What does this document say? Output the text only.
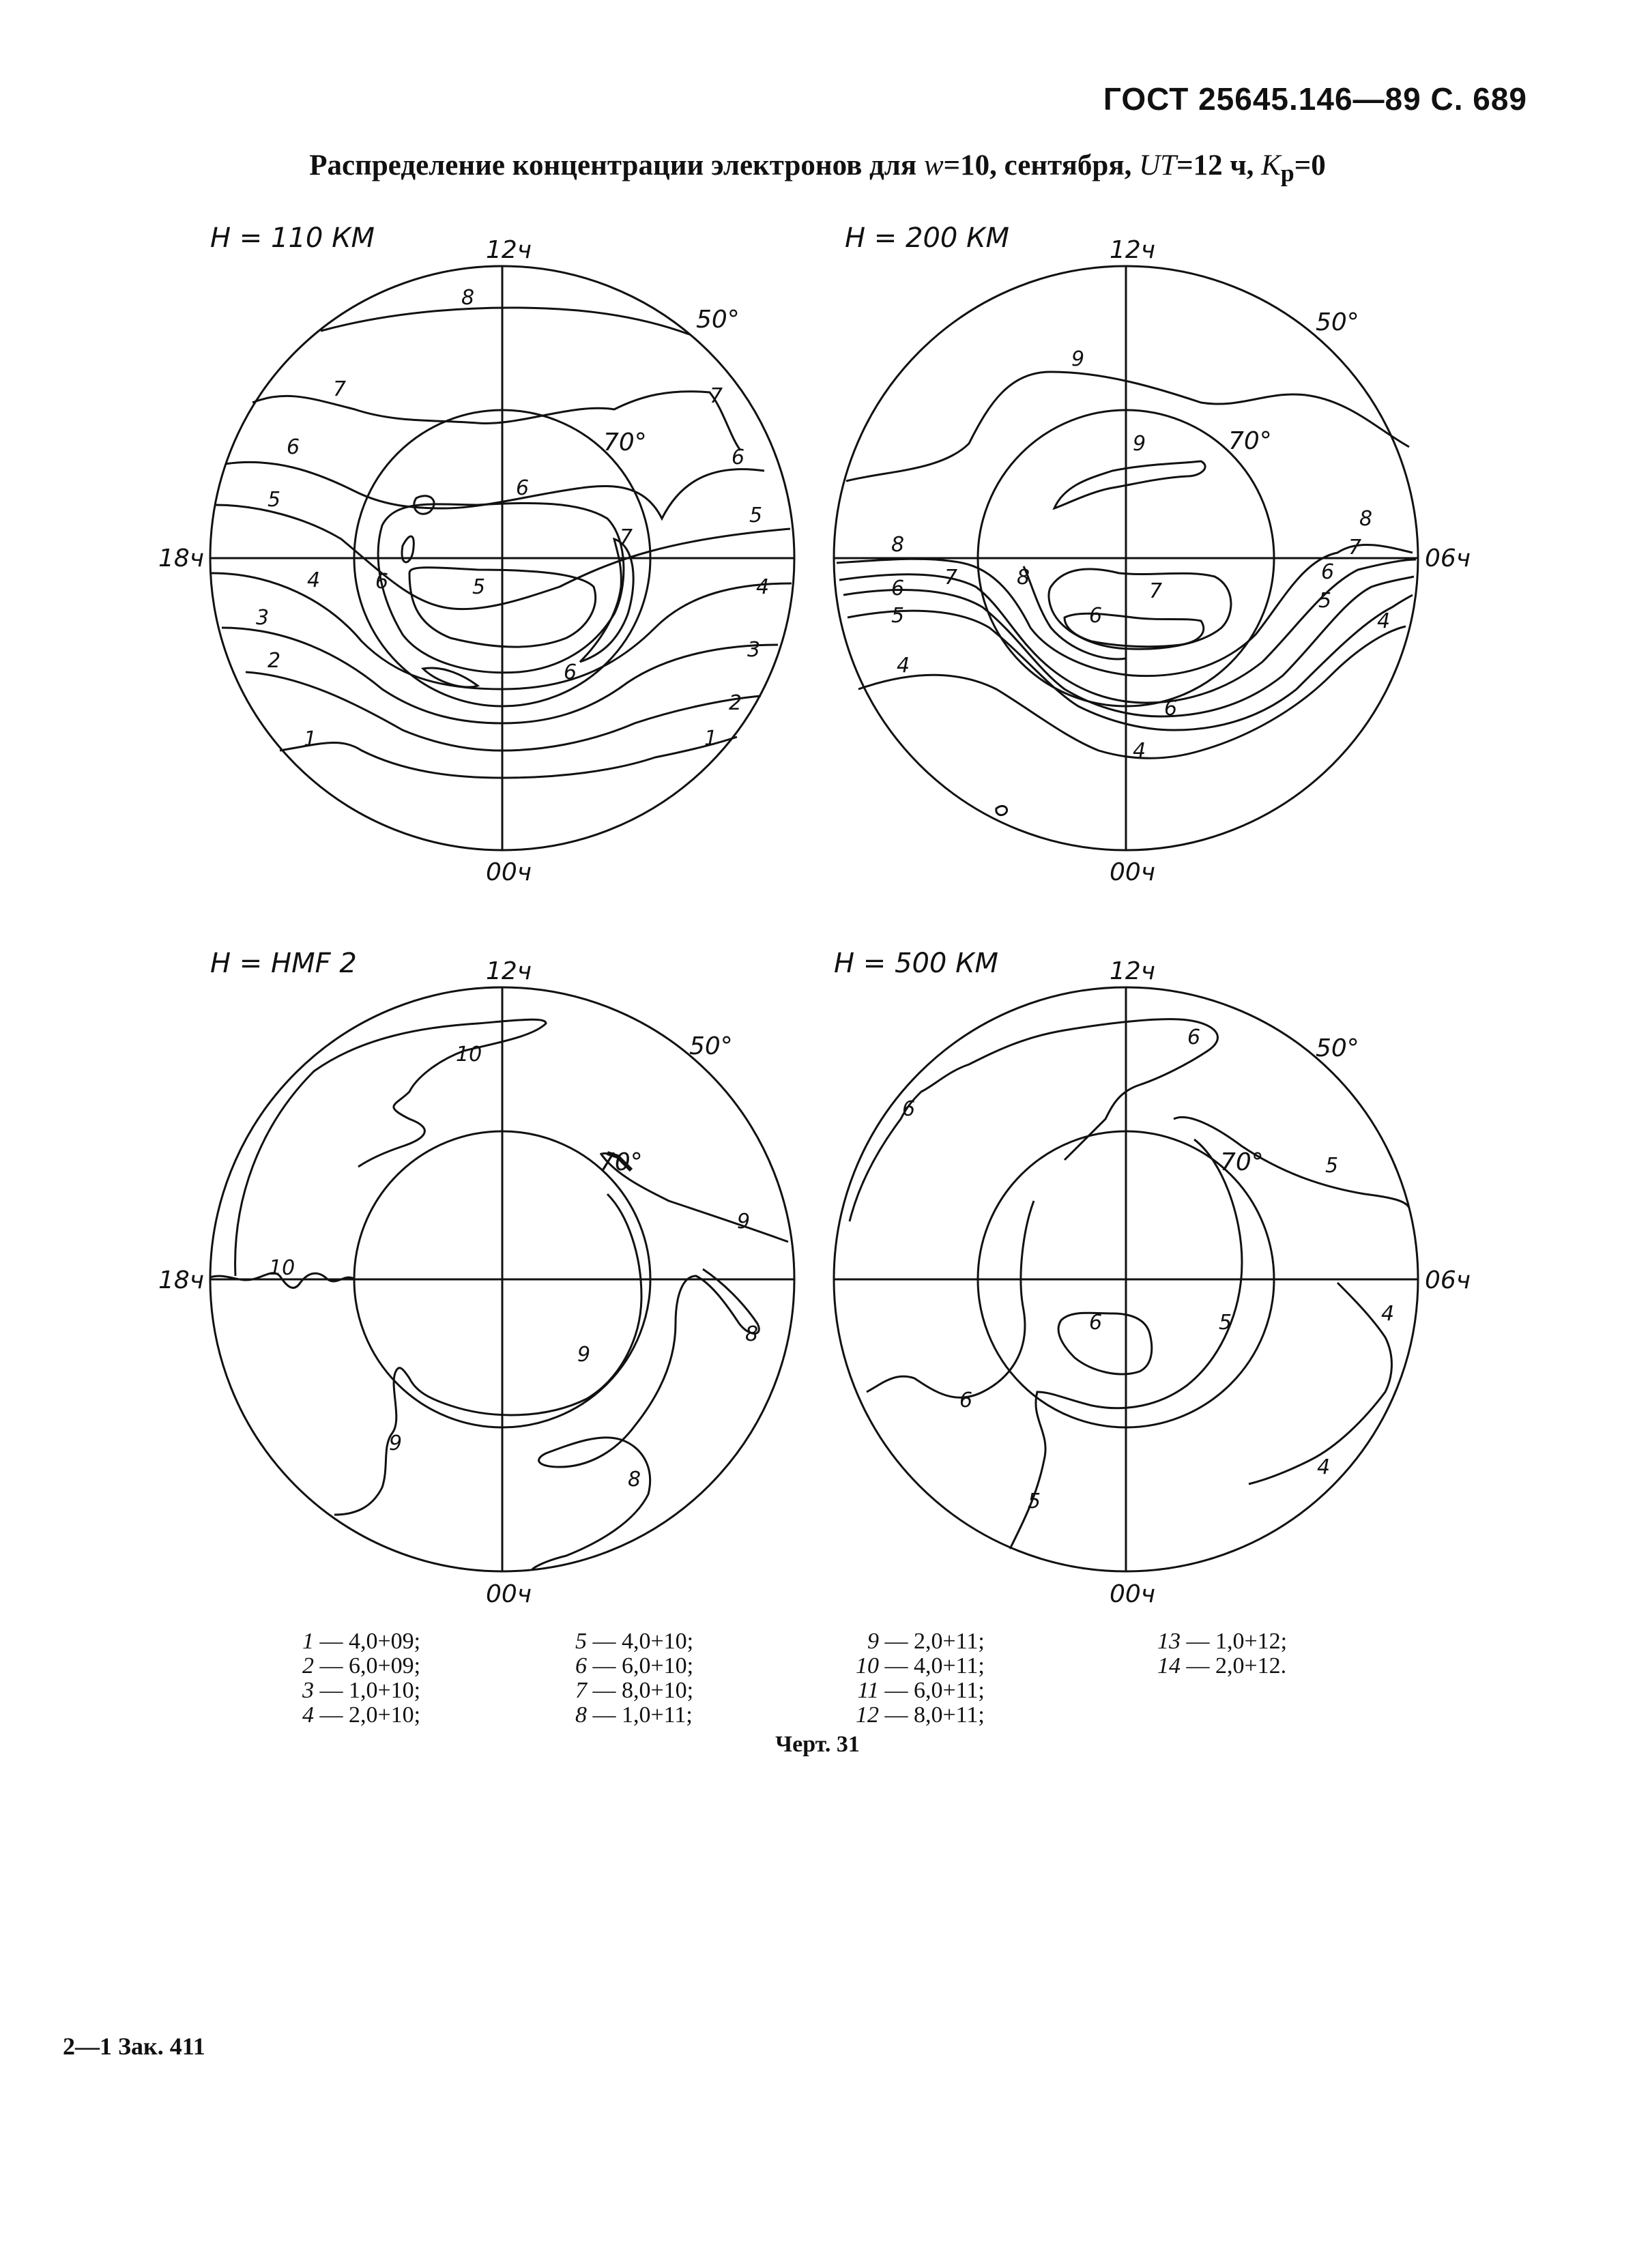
ГОСТ 25645.146—89 С. 689
Распределение концентрации электронов для w=10, сентября, UT=12 ч, $K_p=0$
H = 110 КМ	12ч
00ч
18ч
50°
70°
8
7	7
6	6
5
5
4	4
3
3
2
2
1	1
6
5
6
6
7
H = 200 КМ	12ч
00ч
06ч
50°
70°
9
9
8
8
7
7
6
6
5
5
4
4
8
7
6
6
4
H = HMF 2	12ч
00ч
18ч
50°
70°
10
10
9
9
9
8
8
H = 500 КМ	12ч
00ч
06ч
50°
70°
6
6
5
6	5
6
5
4
4
1 — 4,0+09;
2 — 6,0+09;
3 — 1,0+10;
4 — 2,0+10;
5 — 4,0+10;
6 — 6,0+10;
7 — 8,0+10;
8 — 1,0+11;
9 — 2,0+11;
10 — 4,0+11;
11 — 6,0+11;
12 — 8,0+11;
13 — 1,0+12;
14 — 2,0+12.
Черт. 31
2—1 Зак. 411
